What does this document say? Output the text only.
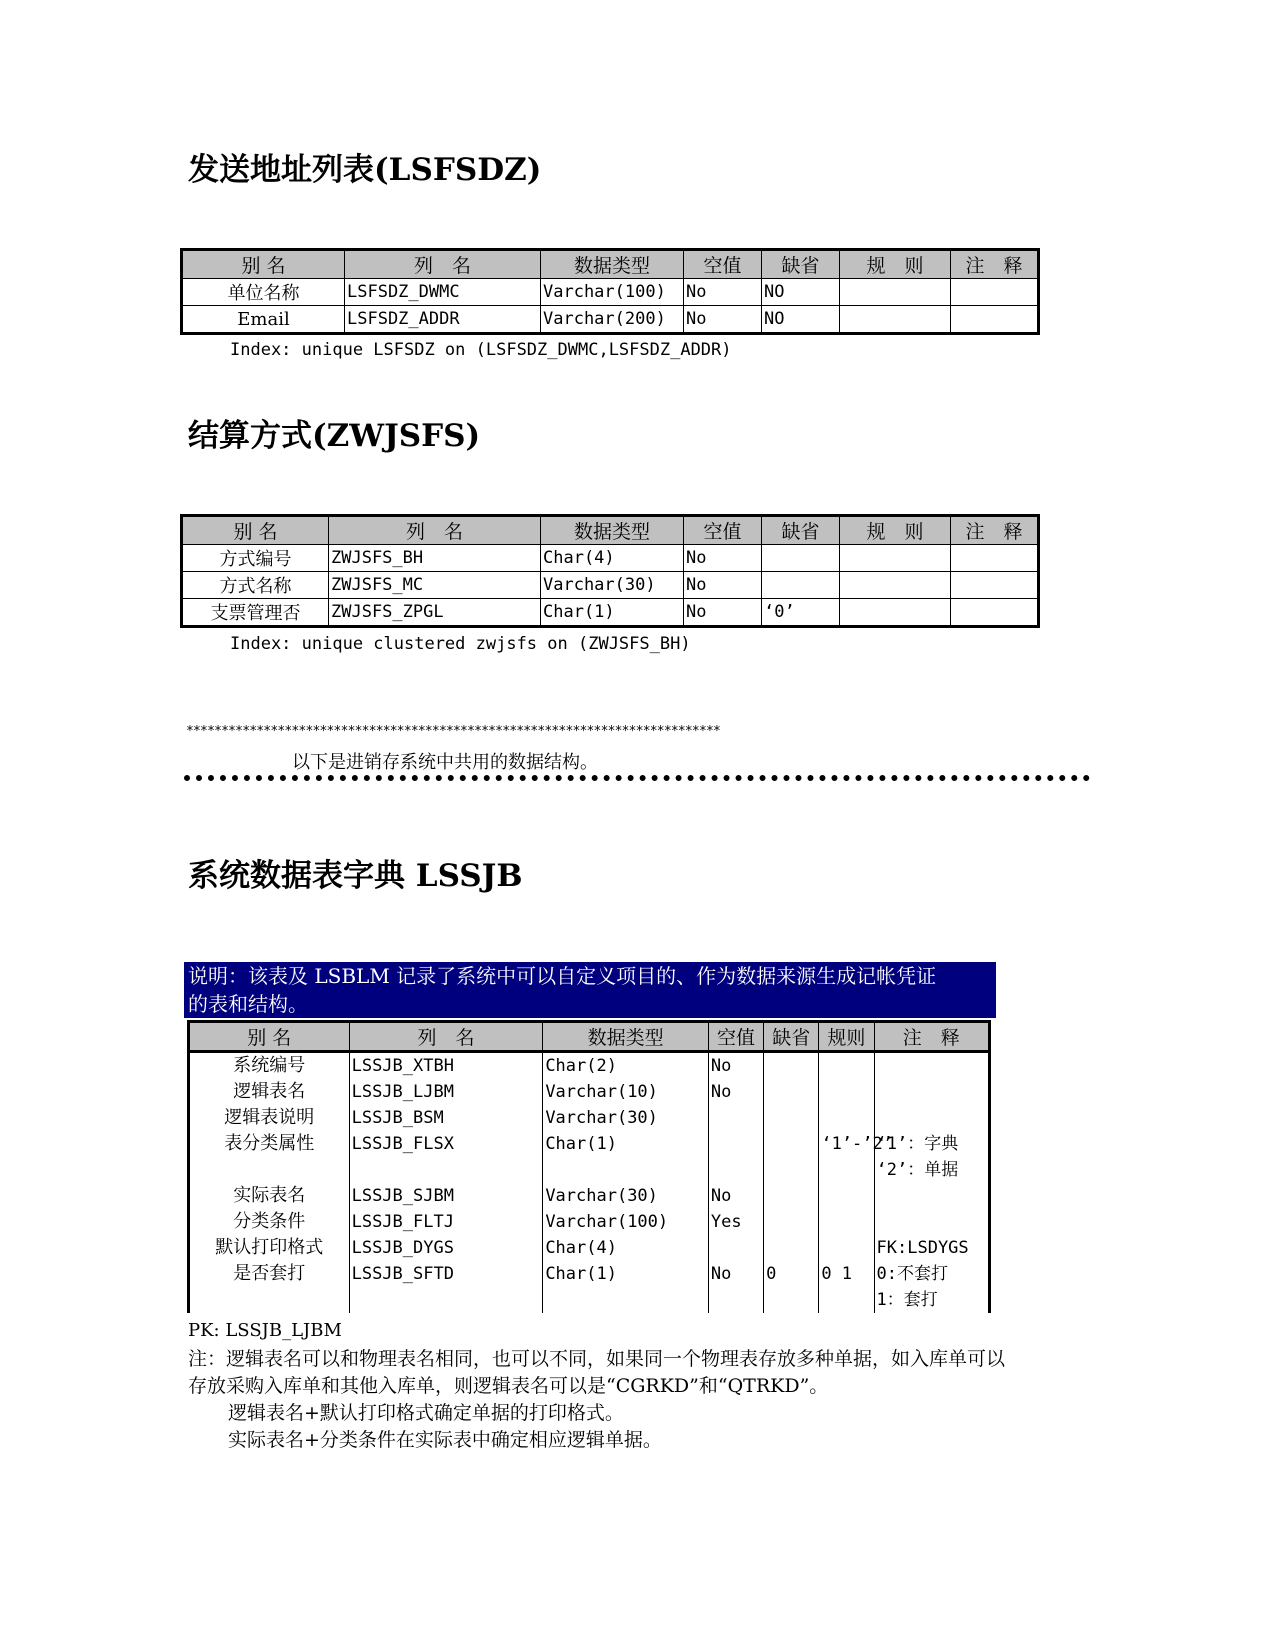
发送地址列表(LSFSDZ)
别 名	列　名	数据类型	空值	缺省	规　则	注　释
单位名称	LSFSDZ_DWMC	Varchar(100)	No	NO		
Email	LSFSDZ_ADDR	Varchar(200)	No	NO		
Index: unique LSFSDZ on (LSFSDZ_DWMC,LSFSDZ_ADDR)
结算方式(ZWJSFS)
别 名	列　名	数据类型	空值	缺省	规　则	注　释
方式编号	ZWJSFS_BH	Char(4)	No			
方式名称	ZWJSFS_MC	Varchar(30)	No			
支票管理否	ZWJSFS_ZPGL	Char(1)	No	‘0’		
Index: unique clustered zwjsfs on (ZWJSFS_BH)
****************************************************************************
以下是进销存系统中共用的数据结构。
系统数据表字典 LSSJB
说明：该表及 LSBLM 记录了系统中可以自定义项目的、作为数据来源生成记帐凭证
的表和结构。
别 名	列　名	数据类型	空值	缺省	规则	注　释
系统编号	LSSJB_XTBH	Char(2)	No			
逻辑表名	LSSJB_LJBM	Varchar(10)	No			
逻辑表说明	LSSJB_BSM	Varchar(30)				
表分类属性	LSSJB_FLSX	Char(1)			‘1’-’2’	‘1’：字典
‘2’：单据
实际表名	LSSJB_SJBM	Varchar(30)	No			
分类条件	LSSJB_FLTJ	Varchar(100)	Yes			
默认打印格式	LSSJB_DYGS	Char(4)				FK:LSDYGS
是否套打	LSSJB_SFTD	Char(1)	No	0	0 1	0:不套打
1：套打
PK: LSSJB_LJBM

注：逻辑表名可以和物理表名相同，也可以不同，如果同一个物理表存放多种单据，如入库单可以

存放采购入库单和其他入库单，则逻辑表名可以是“CGRKD”和“QTRKD”。

逻辑表名+默认打印格式确定单据的打印格式。

实际表名+分类条件在实际表中确定相应逻辑单据。
